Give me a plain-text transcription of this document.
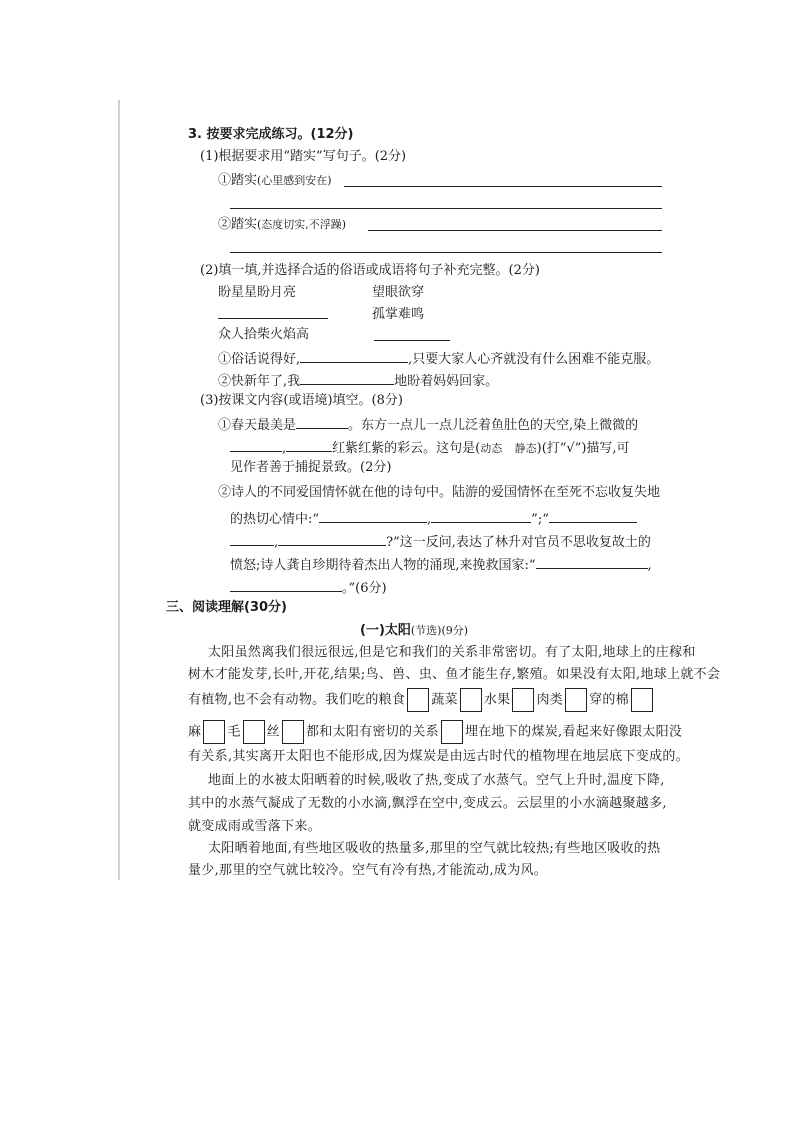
3. 按要求完成练习。(12分)
(1)根据要求用“踏实”写句子。(2分)
①踏实(心里感到安在)
②踏实(态度切实,不浮躁)
(2)填一填,并选择合适的俗语或成语将句子补充完整。(2分)
盼星星盼月亮	望眼欲穿
孤掌难鸣
众人拾柴火焰高
①俗话说得好,	,只要大家人心齐就没有什么困难不能克服。
②快新年了,我	地盼着妈妈回家。
(3)按课文内容(或语境)填空。(8分)
①春天最美是	。东方一点儿一点儿泛着鱼肚色的天空,染上微微的
,	红紫红紫的彩云。这句是(动态 静态)(打“√”)描写,可
见作者善于捕捉景致。(2分)
②诗人的不同爱国情怀就在他的诗句中。陆游的爱国情怀在至死不忘收复失地
的热切心情中:“	,	”;“
,	?”这一反问,表达了林升对官员不思收复故土的
愤怒;诗人龚自珍期待着杰出人物的涌现,来挽救国家:“	,
。”(6分)
三、阅读理解(30分)
(一)太阳(节选)(9分)
太阳虽然离我们很远很远,但是它和我们的关系非常密切。有了太阳,地球上的庄稼和
树木才能发芽,长叶,开花,结果;鸟、兽、虫、鱼才能生存,繁殖。如果没有太阳,地球上就不会
有植物,也不会有动物。我们吃的粮食 蔬菜 水果 肉类 穿的棉
麻 毛 丝 都和太阳有密切的关系 埋在地下的煤炭,看起来好像跟太阳没
有关系,其实离开太阳也不能形成,因为煤炭是由远古时代的植物埋在地层底下变成的。
地面上的水被太阳晒着的时候,吸收了热,变成了水蒸气。空气上升时,温度下降,
其中的水蒸气凝成了无数的小水滴,飘浮在空中,变成云。云层里的小水滴越聚越多,
就变成雨或雪落下来。
太阳晒着地面,有些地区吸收的热量多,那里的空气就比较热;有些地区吸收的热
量少,那里的空气就比较冷。空气有冷有热,才能流动,成为风。
